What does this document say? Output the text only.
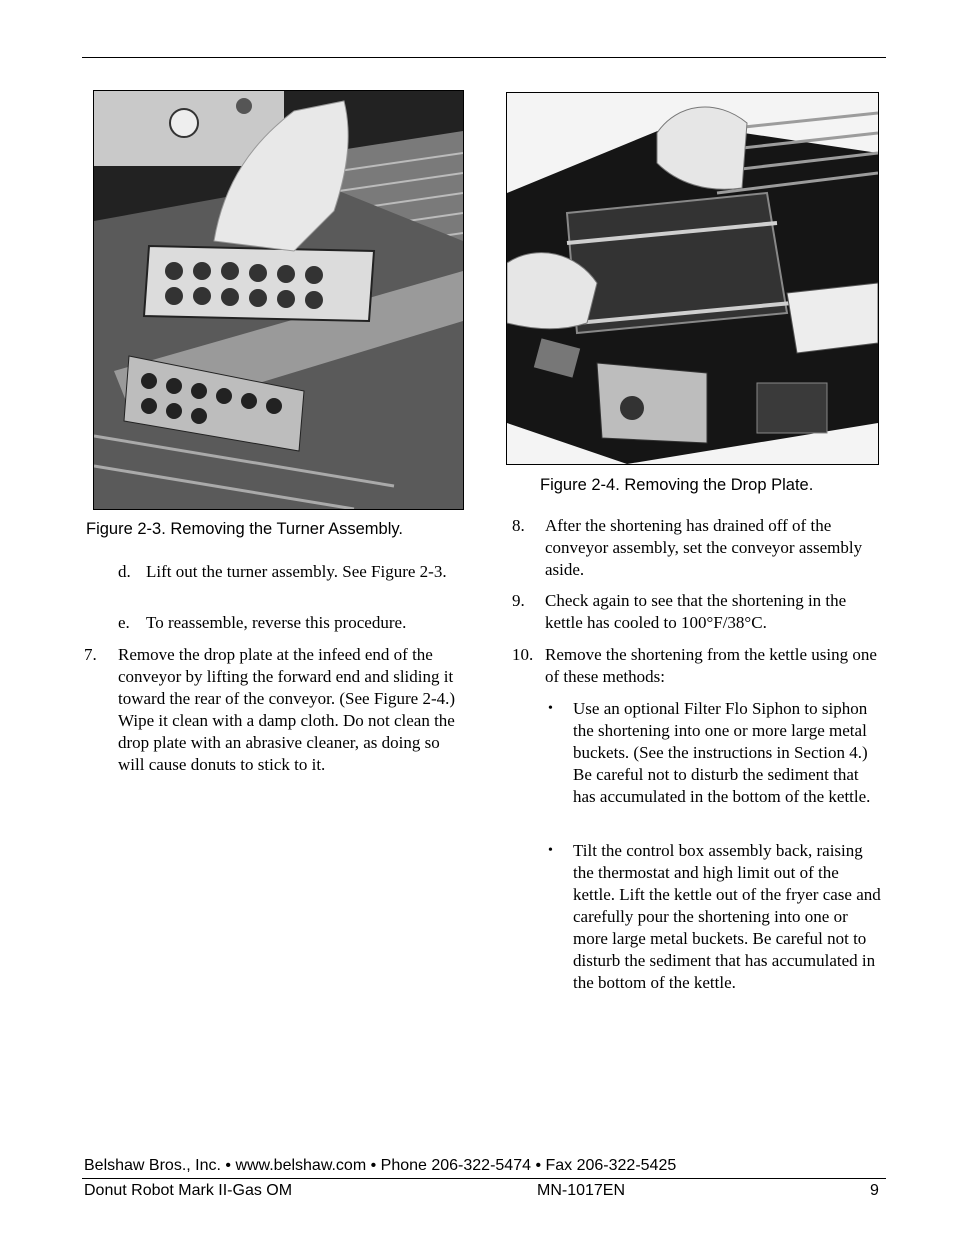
Figure 2-3. Removing the Turner Assembly.
Figure 2-4. Removing the Drop Plate.
d. Lift out the turner assembly. See Figure 2-3.
e. To reassemble, reverse this procedure.
7. Remove the drop plate at the infeed end of the conveyor by lifting the forward end and sliding it toward the rear of the conveyor. (See Figure 2-4.) Wipe it clean with a damp cloth. Do not clean the drop plate with an abrasive cleaner, as doing so will cause donuts to stick to it.
8. After the shortening has drained off of the conveyor assembly, set the conveyor assembly aside.
9. Check again to see that the shortening in the kettle has cooled to 100°F/38°C.
10. Remove the shortening from the kettle using one of these methods:
• Use an optional Filter Flo Siphon to siphon the shortening into one or more large metal buckets. (See the instructions in Section 4.) Be careful not to disturb the sediment that has accumulated in the bottom of the kettle.
• Tilt the control box assembly back, raising the thermostat and high limit out of the kettle. Lift the kettle out of the fryer case and carefully pour the shortening into one or more large metal buckets. Be careful not to disturb the sediment that has accumulated in the bottom of the kettle.
Belshaw Bros., Inc. • www.belshaw.com • Phone 206-322-5474 • Fax 206-322-5425
Donut Robot Mark II-Gas OM	MN-1017EN	9
